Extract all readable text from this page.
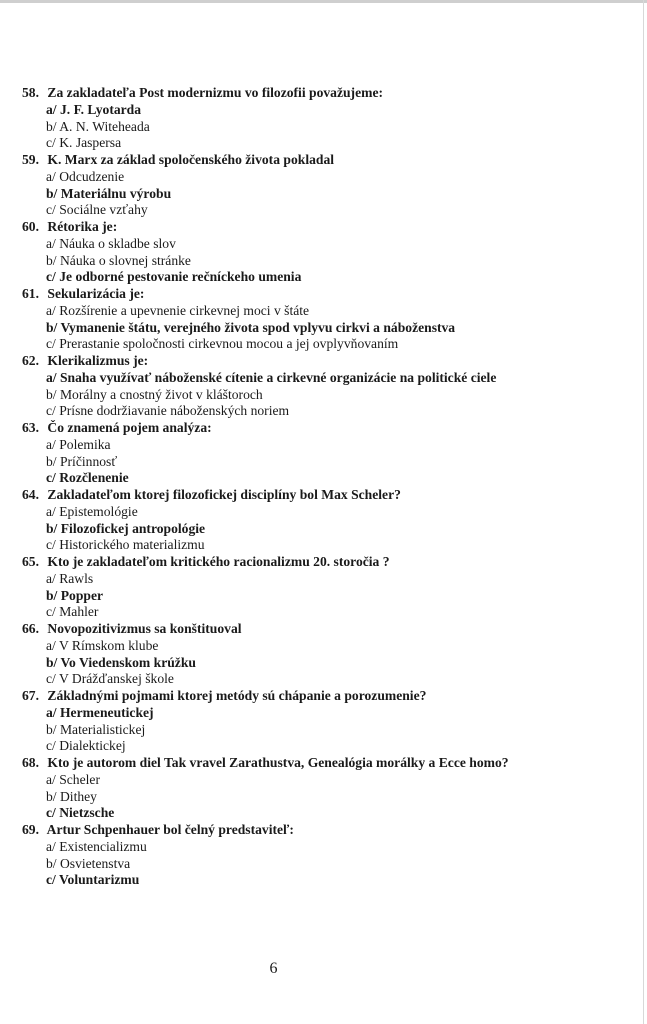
58. Za zakladateľa Post modernizmu vo filozofii považujeme:
a/ J. F. Lyotarda
b/ A. N. Witeheada
c/ K. Jaspersa
59. K. Marx za základ spoločenského života pokladal
a/ Odcudzenie
b/ Materiálnu výrobu
c/ Sociálne vzťahy
60. Rétorika je:
a/ Náuka o skladbe slov
b/ Náuka o slovnej stránke
c/ Je odborné pestovanie rečníckeho umenia
61. Sekularizácia je:
a/ Rozšírenie a upevnenie cirkevnej moci v štáte
b/ Vymanenie štátu, verejného života spod vplyvu cirkvi a náboženstva
c/ Prerastanie spoločnosti cirkevnou mocou a jej ovplyvňovaním
62. Klerikalizmus je:
a/ Snaha využívať náboženské cítenie a cirkevné organizácie na politické ciele
b/ Morálny a cnostný život v kláštoroch
c/ Prísne dodržiavanie náboženských noriem
63. Čo znamená pojem analýza:
a/ Polemika
b/ Príčinnosť
c/ Rozčlenenie
64. Zakladateľom ktorej filozofickej disciplíny bol Max Scheler?
a/ Epistemológie
b/ Filozofickej antropológie
c/ Historického materializmu
65. Kto je zakladateľom kritického racionalizmu 20. storočia ?
a/ Rawls
b/ Popper
c/ Mahler
66. Novopozitivizmus sa konštituoval
a/ V Rímskom klube
b/ Vo Viedenskom krúžku
c/ V Drážďanskej škole
67. Základnými pojmami ktorej metódy sú chápanie a porozumenie?
a/ Hermeneutickej
b/ Materialistickej
c/ Dialektickej
68. Kto je autorom diel Tak vravel Zarathustva, Genealógia morálky a Ecce homo?
a/ Scheler
b/ Dithey
c/ Nietzsche
69. Artur Schpenhauer bol čelný predstaviteľ:
a/ Existencializmu
b/ Osvietenstva
c/ Voluntarizmu
6
